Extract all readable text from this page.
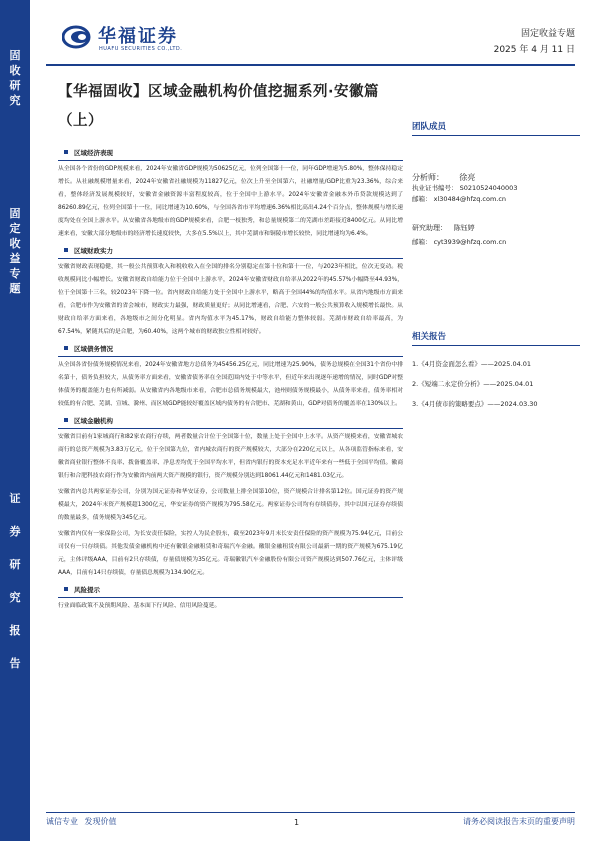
固
收
研
究
固
定
收
益
专
题
证
券
研
究
报
告
华福证券
HUAFU SECURITIES CO.,LTD.
固定收益专题
2025 年 4 月 11 日
【华福固收】区域金融机构价值挖掘系列·安徽篇（上）
区域经济表现
从全国各个省份的GDP规模来看，2024年安徽省GDP规模为50625亿元，位列全国第十一位，同年GDP增速为5.80%，整体保持稳定增长。从社融规模增量来看，2024年安徽省社融规模为11827亿元，位次上升至全国第六，社融增量/GDP比重为23.36%，综合来看，整体经济发展规模较好，安徽省金融资源丰富程度较高，位于全国中上游水平。2024年安徽省金融本外币贷款规模达到了86260.89亿元，位列全国第十一位，同比增速为10.60%，与全国各省市平均增速6.36%相比高出4.24个百分点，整体规模与增长速度均处在全国上游水平。从安徽省各地级市的GDP规模来看，合肥一枝独秀，和总量规模第二的芜湖市差距接近8400亿元。从同比增速来看，安徽大部分地级市的经济增长速度较快，大多在5.5%以上，其中芜湖市和铜陵市增长较快，同比增速均为6.4%。
区域财政实力
安徽省财政表现稳健，其一般公共预算收入和税收收入在全国的排名分别稳定在第十位和第十一位，与2023年相比，位次无变动。税收规模同比小幅增长。安徽省财政自给能力位于全国中上游水平，2024年安徽省财政自给率从2022年的45.57%小幅降至44.93%，位于全国第十三名，较2023年下降一位。省内财政自给能力处于全国中上游水平，略高于全国44%的均值水平。从省内地级市方面来看，合肥市作为安徽省的省会城市，财政实力最强，财政质量更好；从同比增速看，合肥、六安的一般公共预算收入规模增长最快。从财政自给率方面来看，各地级市之间分化明显。省内均值水平为45.17%，财政自给能力整体较弱。芜湖市财政自给率最高，为67.54%，紧随其后的是合肥，为60.40%，这两个城市的财政独立性相对较好。
区域债务情况
从全国各省份债务规模情况来看，2024年安徽省地方总债务为45456.25亿元，同比增速为25.90%，债务总规模在全国31个省份中排名第十，债务负担较大，从债务率方面来看，安徽省债务率在全国范围内处于中等水平，但近年来出现逐年递增的情况，同时GDP对整体债务的覆盖能力也有所减弱。从安徽省内各地级市来看，合肥市总债务规模最大，池州则债务规模最小，从债务率来看，债务率相对较低的有合肥、芜湖、宣城、滁州、而区域GDP能较好覆盖区域内债务的有合肥市、芜湖和黄山，GDP对债务的覆盖率在130%以上。
区域金融机构
安徽省目前有1家城商行和82家农商行存续，两者数量合计位于全国第十位，数量上处于全国中上水平。从资产规模来看，安徽省城农商行的总资产规模为3.83万亿元，位于全国第九位，省内城农商行的资产规模较大，大部分在220亿元以上，从各项监管指标来看，安徽省商业银行整体不良率、拨备覆盖率、净息差均优于全国平均水平，但省内银行的资本充足水平近年来有一些低于全国平均值。徽商银行和合肥科技农商行作为安徽省内前两大资产规模的银行，资产规模分别达到18061.44亿元和1481.03亿元。
安徽省内总共两家证券公司，分别为国元证券和华安证券，公司数量上排全国第10位，资产规模合计排名第12位。国元证券的资产规模最大，2024年末资产规模超1300亿元，华安证券的资产规模为795.58亿元。两家证券公司均有存续债券，其中以国元证券存续债的数量最多，债务规模为345亿元。
安徽省内仅有一家保险公司，为长安责任保险，实控人为民企股东，截至2023年9月末长安责任保险的资产规模为75.94亿元，目前公司仅有一只存续债。其他发债金融机构中还有徽银金融租赁和奇瑞汽车金融。徽银金融租赁有限公司最新一期的资产规模为675.19亿元，主体评级AAA，目前有2只存续债，存量债规模为35亿元。奇瑞徽银汽车金融股份有限公司资产规模达到507.76亿元，主体评级AAA，目前有14只存续债，存量债总规模为134.90亿元。
风险提示
行业面临政策不及预期风险、基本面下行风险、信用风险蔓延。
团队成员
分析师： 徐亮
执业证书编号： S0210524040003
邮箱： xl30484@hfzq.com.cn
研究助理： 陈钰婷
邮箱： cyt3939@hfzq.com.cn
相关报告
1.《4月资金面怎么看》——2025.04.01
2.《短端二永定价分析》——2025.04.01
3.《4月债市的策略要点》——2024.03.30
诚信专业 发现价值	1	请务必阅读报告末页的重要声明
